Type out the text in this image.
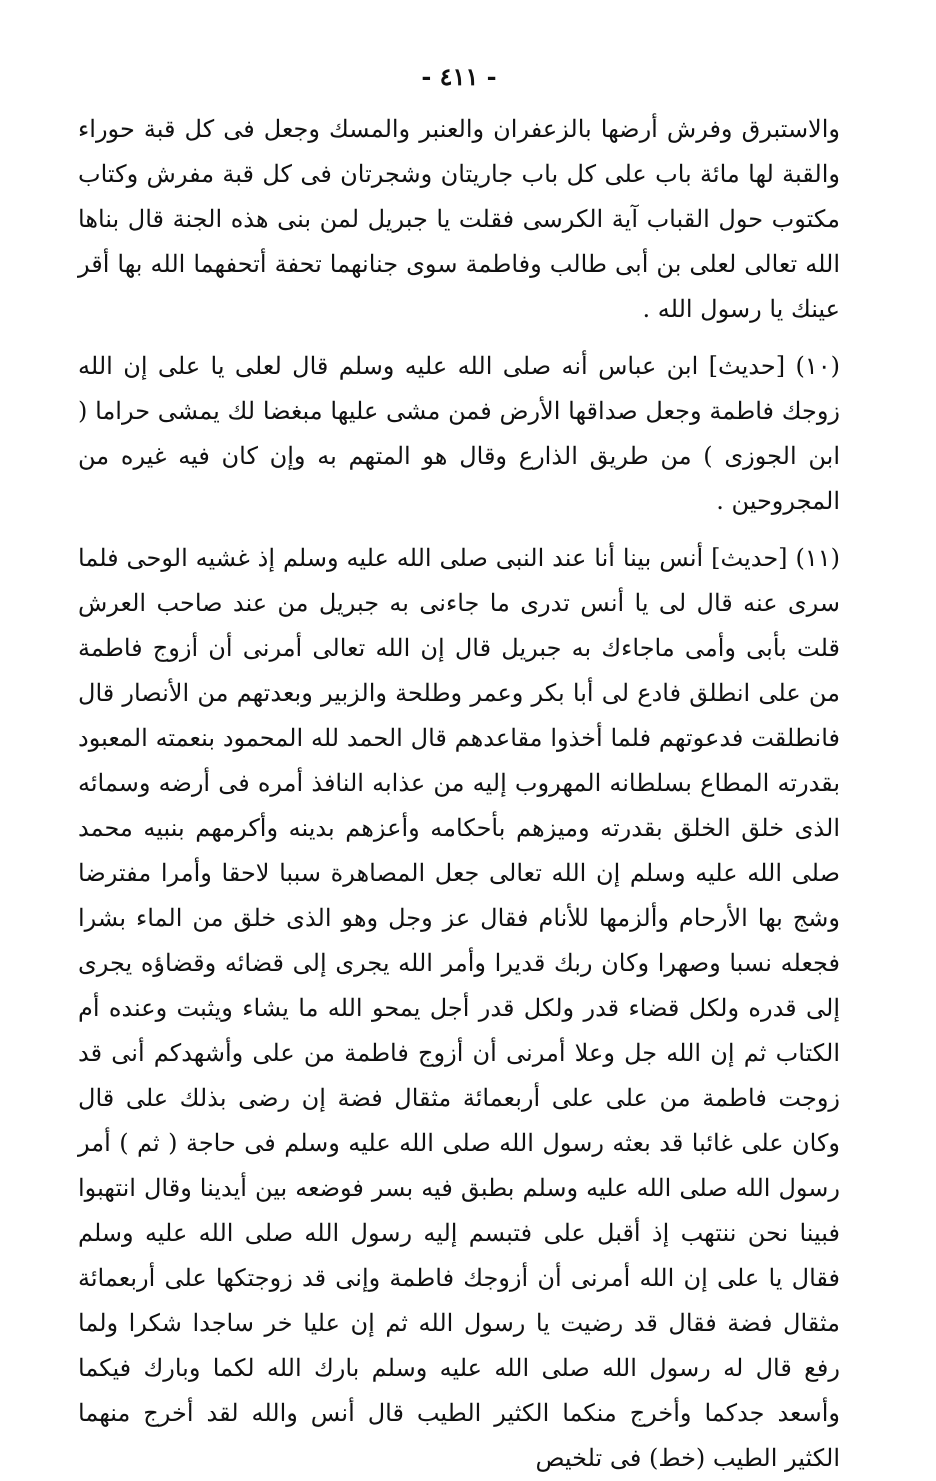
- ٤١١ -

والاستبرق وفرش أرضها بالزعفران والعنبر والمسك وجعل فى كل قبة حوراء والقبة لها مائة باب على كل باب جاريتان وشجرتان فى كل قبة مفرش وكتاب مكتوب حول القباب آية الكرسى فقلت يا جبريل لمن بنى هذه الجنة قال بناها الله تعالى لعلى بن أبى طالب وفاطمة سوى جنانهما تحفة أتحفهما الله بها أقر عينك يا رسول الله .

(١٠) [حديث] ابن عباس أنه صلى الله عليه وسلم قال لعلى يا على إن الله زوجك فاطمة وجعل صداقها الأرض فمن مشى عليها مبغضا لك يمشى حراما ( ابن الجوزى ) من طريق الذارع وقال هو المتهم به وإن كان فيه غيره من المجروحين .

(١١) [حديث] أنس بينا أنا عند النبى صلى الله عليه وسلم إذ غشيه الوحى فلما سرى عنه قال لى يا أنس تدرى ما جاءنى به جبريل من عند صاحب العرش قلت بأبى وأمى ماجاءك به جبريل قال إن الله تعالى أمرنى أن أزوج فاطمة من على انطلق فادع لى أبا بكر وعمر وطلحة والزبير وبعدتهم من الأنصار قال فانطلقت فدعوتهم فلما أخذوا مقاعدهم قال الحمد لله المحمود بنعمته المعبود بقدرته المطاع بسلطانه المهروب إليه من عذابه النافذ أمره فى أرضه وسمائه الذى خلق الخلق بقدرته وميزهم بأحكامه وأعزهم بدينه وأكرمهم بنبيه محمد صلى الله عليه وسلم إن الله تعالى جعل المصاهرة سببا لاحقا وأمرا مفترضا وشج بها الأرحام وألزمها للأنام فقال عز وجل وهو الذى خلق من الماء بشرا فجعله نسبا وصهرا وكان ربك قديرا وأمر الله يجرى إلى قضائه وقضاؤه يجرى إلى قدره ولكل قضاء قدر ولكل قدر أجل يمحو الله ما يشاء ويثبت وعنده أم الكتاب ثم إن الله جل وعلا أمرنى أن أزوج فاطمة من على وأشهدكم أنى قد زوجت فاطمة من على على أربعمائة مثقال فضة إن رضى بذلك على قال وكان على غائبا قد بعثه رسول الله صلى الله عليه وسلم فى حاجة ( ثم ) أمر رسول الله صلى الله عليه وسلم بطبق فيه بسر فوضعه بين أيدينا وقال انتهبوا فبينا نحن ننتهب إذ أقبل على فتبسم إليه رسول الله صلى الله عليه وسلم فقال يا على إن الله أمرنى أن أزوجك فاطمة وإنى قد زوجتكها على أربعمائة مثقال فضة فقال قد رضيت يا رسول الله ثم إن عليا خر ساجدا شكرا ولما رفع قال له رسول الله صلى الله عليه وسلم بارك الله لكما وبارك فيكما وأسعد جدكما وأخرج منكما الكثير الطيب قال أنس والله لقد أخرج منهما الكثير الطيب (خط) فى تلخيص
